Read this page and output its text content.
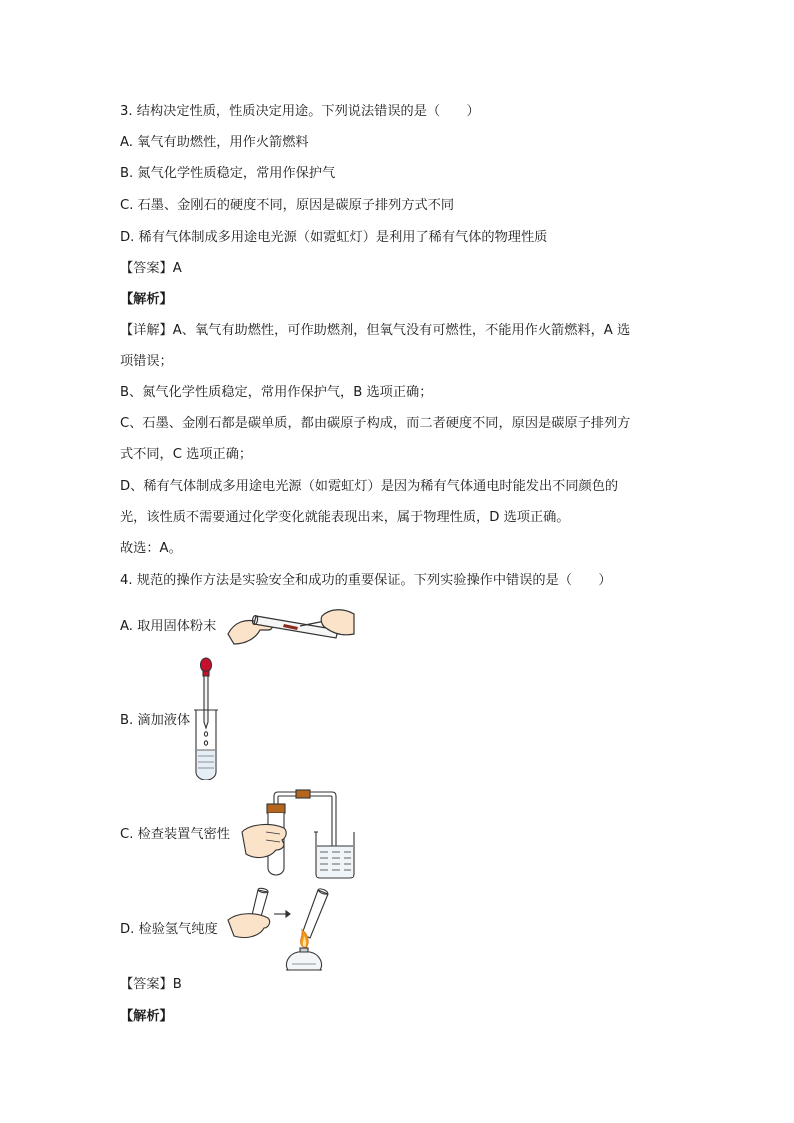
3. 结构决定性质，性质决定用途。下列说法错误的是（　　）
A. 氧气有助燃性，用作火箭燃料
B. 氮气化学性质稳定，常用作保护气
C. 石墨、金刚石的硬度不同，原因是碳原子排列方式不同
D. 稀有气体制成多用途电光源（如霓虹灯）是利用了稀有气体的物理性质
【答案】A
【解析】
【详解】A、氧气有助燃性，可作助燃剂，但氧气没有可燃性，不能用作火箭燃料，A 选
项错误；
B、氮气化学性质稳定，常用作保护气，B 选项正确；
C、石墨、金刚石都是碳单质，都由碳原子构成，而二者硬度不同，原因是碳原子排列方
式不同，C 选项正确；
D、稀有气体制成多用途电光源（如霓虹灯）是因为稀有气体通电时能发出不同颜色的
光，该性质不需要通过化学变化就能表现出来，属于物理性质，D 选项正确。
故选：A。
4. 规范的操作方法是实验安全和成功的重要保证。下列实验操作中错误的是（　　）
A. 取用固体粉末
B. 滴加液体
C. 检查装置气密性
D. 检验氢气纯度
【答案】B
【解析】
